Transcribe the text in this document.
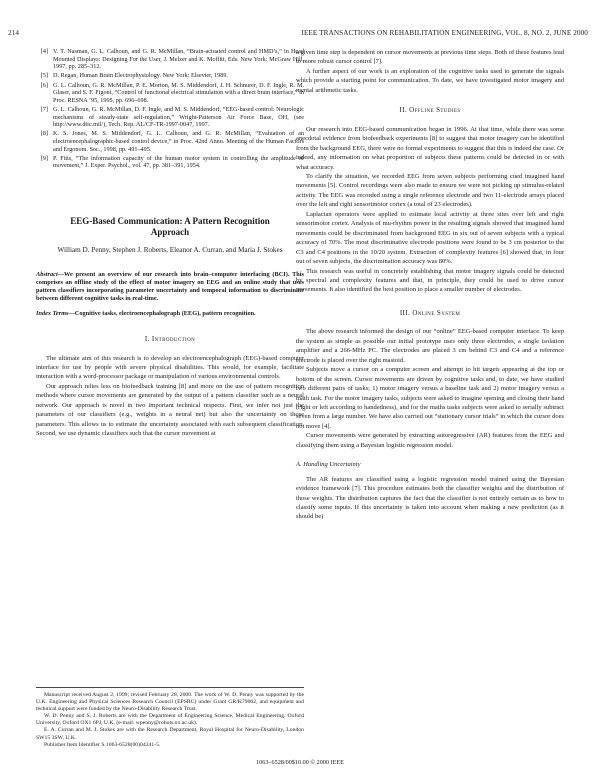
214	IEEE TRANSACTIONS ON REHABILITATION ENGINEERING, VOL. 8, NO. 2, JUNE 2000
[4] V. T. Nasman, G. L. Calhoun, and G. R. McMillan, “Brain-actuated control and HMD’s,” in Head Mounted Displays: Designing For the User, J. Melzer and K. Moffitt, Eds. New York: McGraw Hill, 1997, pp. 285–312.
[5] D. Regan, Human Brain Electrophysiology. New York: Elsevier, 1989.
[6] G. L. Calhoun, G. R. McMillan, P. E. Morton, M. S. Middendorf, J. H. Schnurer, D. F. Ingle, R. M. Glaser, and S. F. Figoni, “Control of functional electrical stimulation with a direct brain interface,” in Proc. RESNA ’95, 1995, pp. 696–698.
[7] G. L. Calhoun, G. R. McMillan, D. F. Ingle, and M. S. Middendorf, “EEG-based control: Neurologic mechanisms of steady-state self-regulation,” Wright-Patterson Air Force Base, OH, (see http://www.dtic.mil/), Tech. Rep. AL/CF-TR-1997-0047, 1997.
[8] K. S. Jones, M. S. Middendorf, G. L. Calhoun, and G. R. McMillan, “Evaluation of an electroencephalographic-based control device,” in Proc. 42nd Annu. Meeting of the Human Factors and Ergonom. Soc., 1998, pp. 491–495.
[9] P. Fitts, “The information capacity of the human motor system in controlling the amplitude of movement,” J. Exper. Psychol., vol. 47, pp. 381–391, 1954.
EEG-Based Communication: A Pattern Recognition Approach
William D. Penny, Stephen J. Roberts, Eleanor A. Curran, and Maria J. Stokes
Abstract—We present an overview of our research into brain–computer interfacing (BCI). This comprises an offline study of the effect of motor imagery on EEG and an online study that uses pattern classifiers incorporating parameter uncertainty and temporal information to discriminate between different cognitive tasks in real-time.
Index Terms—Cognitive tasks, electroencephalograph (EEG), pattern recognition.
I. Introduction

The ultimate aim of this research is to develop an electroencephalograph (EEG)-based computer interface for use by people with severe physical disabilities. This would, for example, facilitate interaction with a word-processor package or manipulation of various environmental controls.

Our approach relies less on biofeedback training [8] and more on the use of pattern recognition methods where cursor movements are generated by the output of a pattern classifier such as a neural network. Our approach is novel in two important technical respects. First, we infer not just the parameters of our classifiers (e.g., weights in a neural net) but also the uncertainty on those parameters. This allows us to estimate the uncertainty associated with each subsequent classification. Second, we use dynamic classifiers such that the cursor movement at

a given time step is dependent on cursor movements at previous time steps. Both of these features lead to more robust cursor control [7].

A further aspect of our work is an exploration of the cognitive tasks used to generate the signals which provide a starting point for communication. To date, we have investigated motor imagery and mental arithmetic tasks.

II. Offline Studies

Our research into EEG-based communication began in 1996. At that time, while there was some anecdotal evidence from biofeedback experiments [8] to suggest that motor imagery can be identified from the background EEG, there were no formal experiments to suggest that this is indeed the case. Or indeed, any information on what proportion of subjects these patterns could be detected in or with what accuracy.

To clarify the situation, we recorded EEG from seven subjects performing cued imagined hand movements [5]. Control recordings were also made to ensure we were not picking up stimulus-related activity. The EEG was recorded using a single reference electrode and two 11-electrode arrays placed over the left and right sensorimotor cortex (a total of 23 electrodes).

Laplacian operators were applied to estimate local activity at three sites over left and right sensorimotor cortex. Analysis of mu-rhythm power in the resulting signals showed that imagined hand movements could be discriminated from background EEG in six out of seven subjects with a typical accuracy of 70%. The most discriminative electrode positions were found to be 3 cm posterior to the C3 and C4 positions in the 10/20 system. Extraction of complexity features [6] showed that, in four out of seven subjects, the discrimination accuracy was 80%.

This research was useful in concretely establishing that motor imagery signals could be detected by spectral and complexity features and that, in principle, they could be used to drive cursor movements. It also identified the best position to place a smaller number of electrodes.

III. Online System

The above research informed the design of our “online” EEG-based computer interface. To keep the system as simple as possible our initial prototype uses only three electrodes, a single isolation amplifier and a 266-MHz PC. The electrodes are placed 3 cm behind C3 and C4 and a reference electrode is placed over the right mastoid.

Subjects move a cursor on a computer screen and attempt to hit targets appearing at the top or bottom of the screen. Cursor movements are driven by cognitive tasks and, to date, we have studied two different pairs of tasks; 1) motor imagery versus a baseline task and 2) motor imagery versus a math task. For the motor imagery tasks, subjects were asked to imagine opening and closing their hand (right or left according to handedness), and for the maths tasks subjects were asked to serially subtract seven from a large number. We have also carried out “stationary cursor trials” in which the cursor does not move [4].

Cursor movements were generated by extracting autoregressive (AR) features from the EEG and classifying them using a Bayesian logistic regression model.

A. Handling Uncertainty

The AR features are classified using a logistic regression model trained using the Bayesian evidence framework [7]. This procedure estimates both the classifier weights and the distribution of those weights. The distribution captures the fact that the classifier is not entirely certain as to how to classify some inputs. If this uncertainty is taken into account when making a new prediction (as it should be)

Manuscript received August 2, 1999; revised February 28, 2000. The work of W. D. Penny was supported by the U.K. Engineering and Physical Sciences Research Council (EPSRC) under Grant GR/K79062, and equipment and technical support were funded by the Neuro-Disability Research Trust.
W. D. Penny and S. J. Roberts are with the Department of Engineering Science, Medical Engineering, Oxford University, Oxford OX1 6PJ, U.K. (e-mail: wpenny@robots.ox.ac.uk).
E. A. Curran and M. J. Stokes are with the Research Department, Royal Hospital for Neuro-Disability, London SW15 3SW, U.K.
Publisher Item Identifier S 1063-6528(00)04241-5.
1063–6528/00$10.00 © 2000 IEEE
